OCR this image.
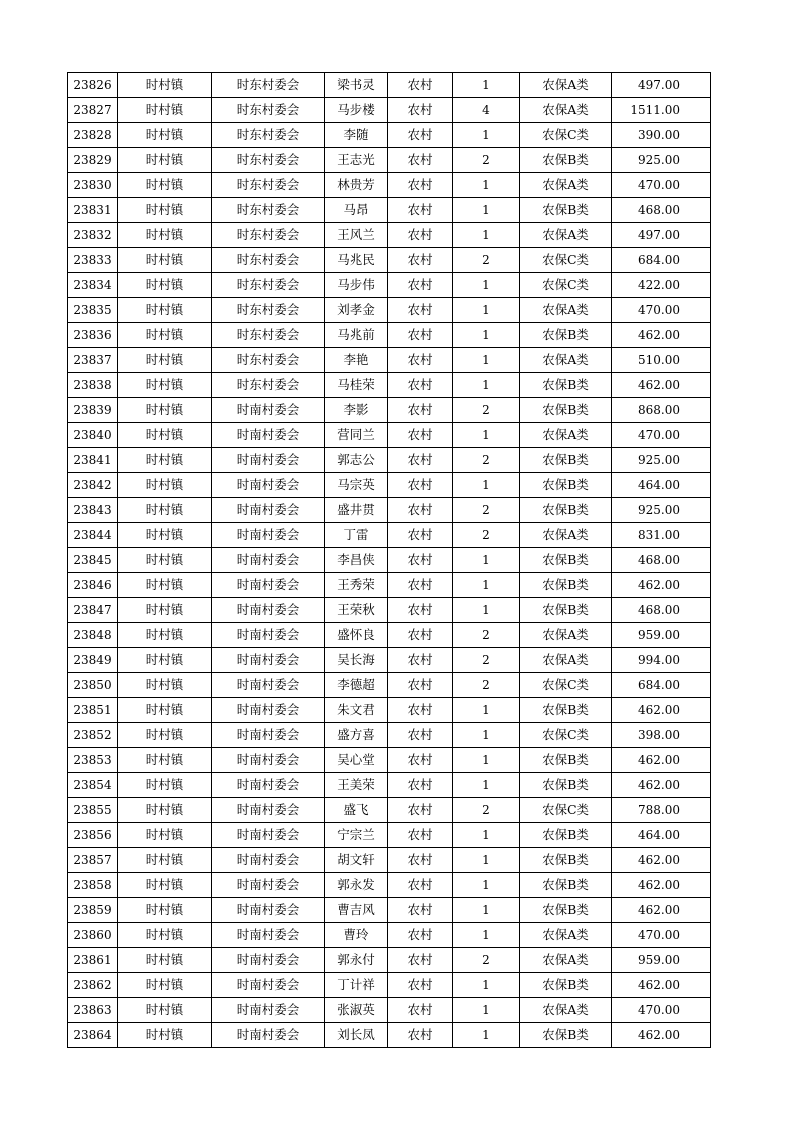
23826	时村镇	时东村委会	梁书灵	农村	1	农保A类	497.00
23827	时村镇	时东村委会	马步楼	农村	4	农保A类	1511.00
23828	时村镇	时东村委会	李随	农村	1	农保C类	390.00
23829	时村镇	时东村委会	王志光	农村	2	农保B类	925.00
23830	时村镇	时东村委会	林贵芳	农村	1	农保A类	470.00
23831	时村镇	时东村委会	马昂	农村	1	农保B类	468.00
23832	时村镇	时东村委会	王风兰	农村	1	农保A类	497.00
23833	时村镇	时东村委会	马兆民	农村	2	农保C类	684.00
23834	时村镇	时东村委会	马步伟	农村	1	农保C类	422.00
23835	时村镇	时东村委会	刘孝金	农村	1	农保A类	470.00
23836	时村镇	时东村委会	马兆前	农村	1	农保B类	462.00
23837	时村镇	时东村委会	李艳	农村	1	农保A类	510.00
23838	时村镇	时东村委会	马桂荣	农村	1	农保B类	462.00
23839	时村镇	时南村委会	李影	农村	2	农保B类	868.00
23840	时村镇	时南村委会	营同兰	农村	1	农保A类	470.00
23841	时村镇	时南村委会	郭志公	农村	2	农保B类	925.00
23842	时村镇	时南村委会	马宗英	农村	1	农保B类	464.00
23843	时村镇	时南村委会	盛井贯	农村	2	农保B类	925.00
23844	时村镇	时南村委会	丁雷	农村	2	农保A类	831.00
23845	时村镇	时南村委会	李昌侠	农村	1	农保B类	468.00
23846	时村镇	时南村委会	王秀荣	农村	1	农保B类	462.00
23847	时村镇	时南村委会	王荣秋	农村	1	农保B类	468.00
23848	时村镇	时南村委会	盛怀良	农村	2	农保A类	959.00
23849	时村镇	时南村委会	吴长海	农村	2	农保A类	994.00
23850	时村镇	时南村委会	李德超	农村	2	农保C类	684.00
23851	时村镇	时南村委会	朱文君	农村	1	农保B类	462.00
23852	时村镇	时南村委会	盛方喜	农村	1	农保C类	398.00
23853	时村镇	时南村委会	吴心堂	农村	1	农保B类	462.00
23854	时村镇	时南村委会	王美荣	农村	1	农保B类	462.00
23855	时村镇	时南村委会	盛飞	农村	2	农保C类	788.00
23856	时村镇	时南村委会	宁宗兰	农村	1	农保B类	464.00
23857	时村镇	时南村委会	胡文轩	农村	1	农保B类	462.00
23858	时村镇	时南村委会	郭永发	农村	1	农保B类	462.00
23859	时村镇	时南村委会	曹吉风	农村	1	农保B类	462.00
23860	时村镇	时南村委会	曹玲	农村	1	农保A类	470.00
23861	时村镇	时南村委会	郭永付	农村	2	农保A类	959.00
23862	时村镇	时南村委会	丁计祥	农村	1	农保B类	462.00
23863	时村镇	时南村委会	张淑英	农村	1	农保A类	470.00
23864	时村镇	时南村委会	刘长凤	农村	1	农保B类	462.00
